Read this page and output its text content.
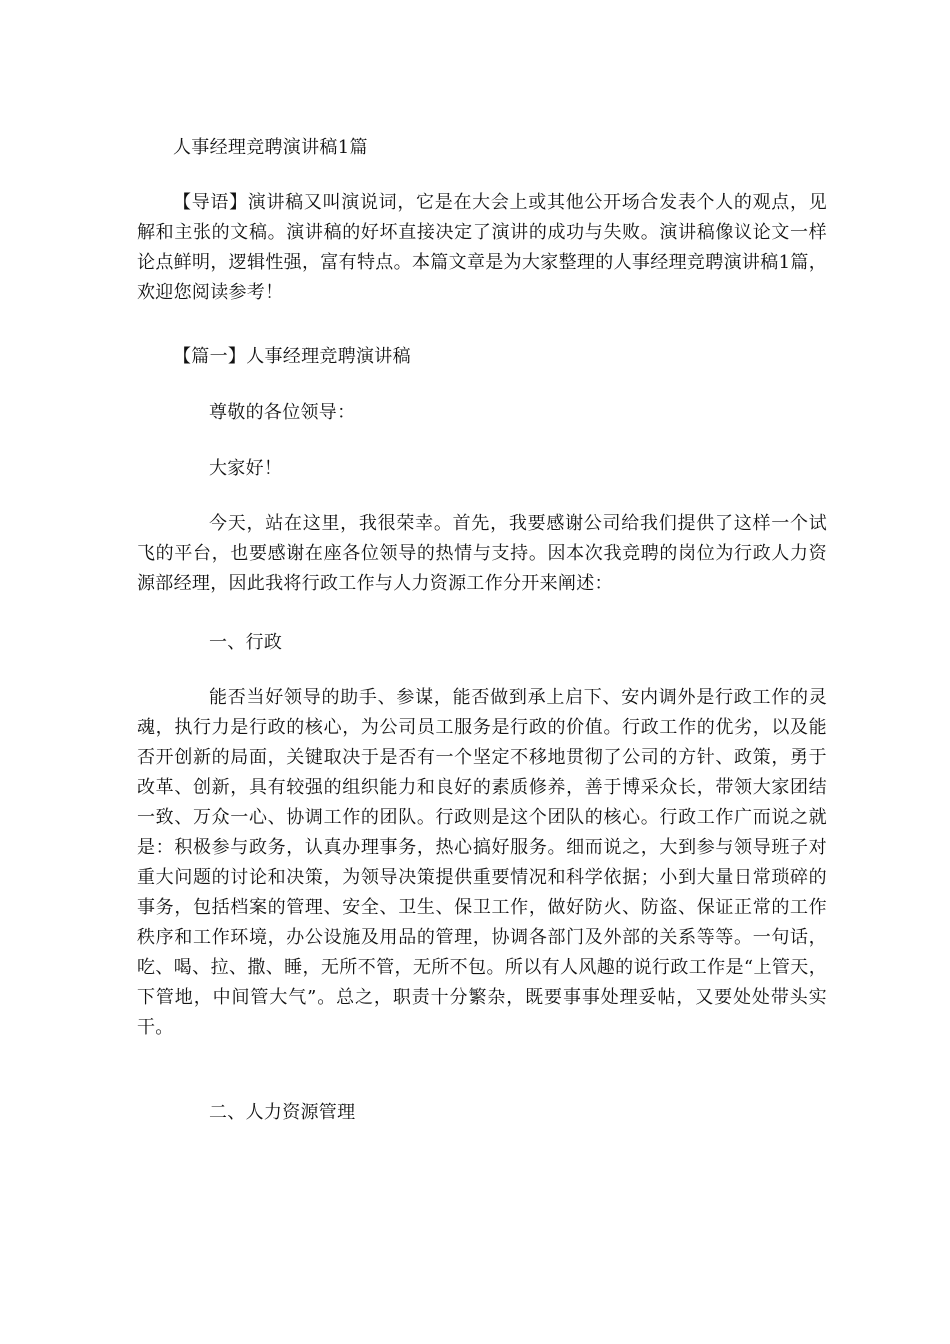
人事经理竞聘演讲稿1篇

【导语】演讲稿又叫演说词，它是在大会上或其他公开场合发表个人的观点，见解和主张的文稿。演讲稿的好坏直接决定了演讲的成功与失败。演讲稿像议论文一样论点鲜明，逻辑性强，富有特点。本篇文章是为大家整理的人事经理竞聘演讲稿1篇，欢迎您阅读参考！

【篇一】人事经理竞聘演讲稿

尊敬的各位领导：

大家好！

今天，站在这里，我很荣幸。首先，我要感谢公司给我们提供了这样一个试飞的平台，也要感谢在座各位领导的热情与支持。因本次我竞聘的岗位为行政人力资源部经理，因此我将行政工作与人力资源工作分开来阐述：

一、行政

能否当好领导的助手、参谋，能否做到承上启下、安内调外是行政工作的灵魂，执行力是行政的核心，为公司员工服务是行政的价值。行政工作的优劣，以及能否开创新的局面，关键取决于是否有一个坚定不移地贯彻了公司的方针、政策，勇于改革、创新，具有较强的组织能力和良好的素质修养，善于博采众长，带领大家团结一致、万众一心、协调工作的团队。行政则是这个团队的核心。行政工作广而说之就是：积极参与政务，认真办理事务，热心搞好服务。细而说之，大到参与领导班子对重大问题的讨论和决策，为领导决策提供重要情况和科学依据；小到大量日常琐碎的事务，包括档案的管理、安全、卫生、保卫工作，做好防火、防盗、保证正常的工作秩序和工作环境，办公设施及用品的管理，协调各部门及外部的关系等等。一句话，吃、喝、拉、撒、睡，无所不管，无所不包。所以有人风趣的说行政工作是“上管天，下管地，中间管大气”。总之，职责十分繁杂，既要事事处理妥帖，又要处处带头实干。

二、人力资源管理
